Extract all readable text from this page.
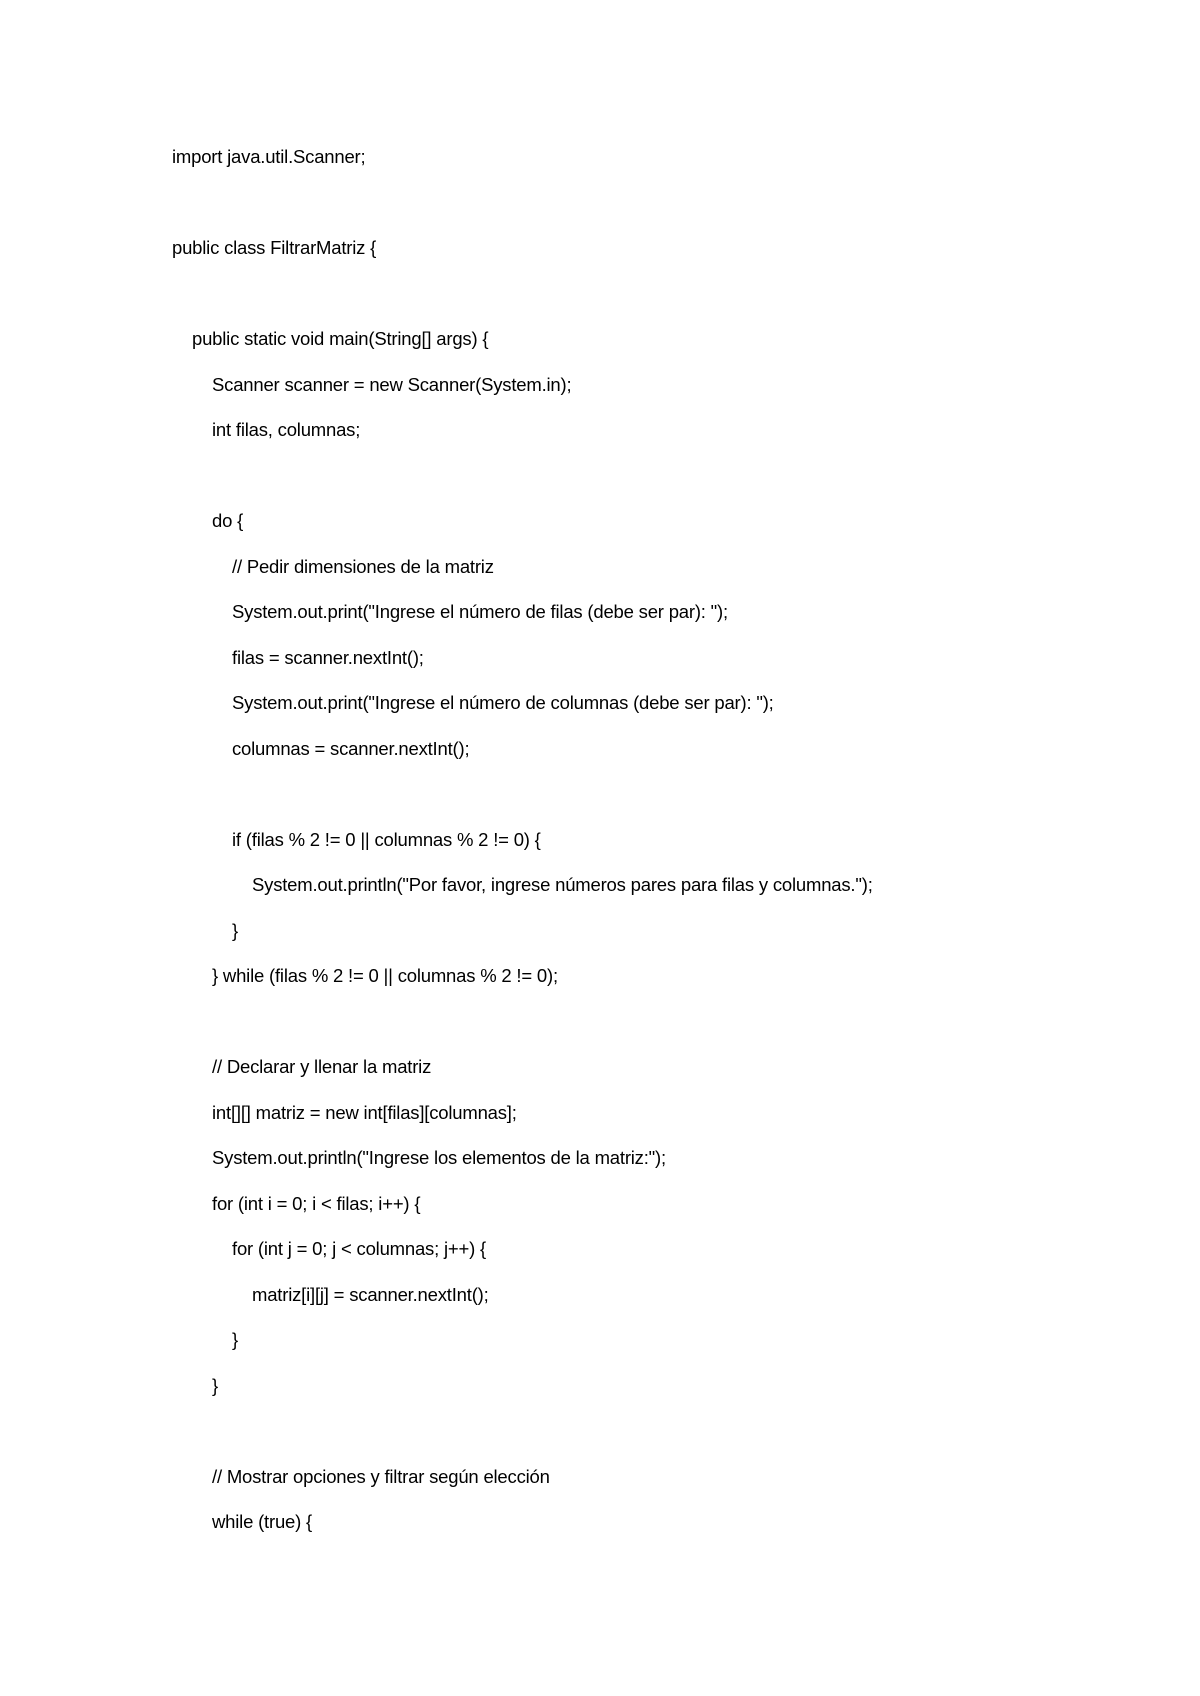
import java.util.Scanner;
public class FiltrarMatriz {
public static void main(String[] args) {
Scanner scanner = new Scanner(System.in);
int filas, columnas;
do {
// Pedir dimensiones de la matriz
System.out.print("Ingrese el número de filas (debe ser par): ");
filas = scanner.nextInt();
System.out.print("Ingrese el número de columnas (debe ser par): ");
columnas = scanner.nextInt();
if (filas % 2 != 0 || columnas % 2 != 0) {
System.out.println("Por favor, ingrese números pares para filas y columnas.");
}
} while (filas % 2 != 0 || columnas % 2 != 0);
// Declarar y llenar la matriz
int[][] matriz = new int[filas][columnas];
System.out.println("Ingrese los elementos de la matriz:");
for (int i = 0; i < filas; i++) {
for (int j = 0; j < columnas; j++) {
matriz[i][j] = scanner.nextInt();
}
}
// Mostrar opciones y filtrar según elección
while (true) {
